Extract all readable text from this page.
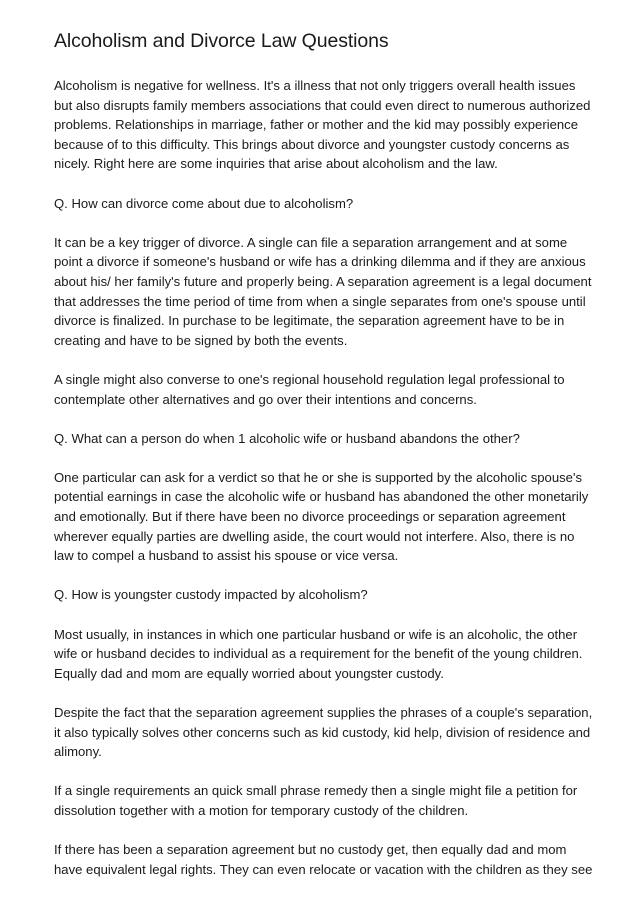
Alcoholism and Divorce Law Questions

Alcoholism is negative for wellness. It's a illness that not only triggers overall health issues
but also disrupts family members associations that could even direct to numerous authorized
problems. Relationships in marriage, father or mother and the kid may possibly experience
because of to this difficulty. This brings about divorce and youngster custody concerns as
nicely. Right here are some inquiries that arise about alcoholism and the law.

Q. How can divorce come about due to alcoholism?

It can be a key trigger of divorce. A single can file a separation arrangement and at some
point a divorce if someone's husband or wife has a drinking dilemma and if they are anxious
about his/ her family's future and properly being. A separation agreement is a legal document
that addresses the time period of time from when a single separates from one's spouse until
divorce is finalized. In purchase to be legitimate, the separation agreement have to be in
creating and have to be signed by both the events.

A single might also converse to one's regional household regulation legal professional to
contemplate other alternatives and go over their intentions and concerns.

Q. What can a person do when 1 alcoholic wife or husband abandons the other?

One particular can ask for a verdict so that he or she is supported by the alcoholic spouse's
potential earnings in case the alcoholic wife or husband has abandoned the other monetarily
and emotionally. But if there have been no divorce proceedings or separation agreement
wherever equally parties are dwelling aside, the court would not interfere. Also, there is no
law to compel a husband to assist his spouse or vice versa.

Q. How is youngster custody impacted by alcoholism?

Most usually, in instances in which one particular husband or wife is an alcoholic, the other
wife or husband decides to individual as a requirement for the benefit of the young children.
Equally dad and mom are equally worried about youngster custody.

Despite the fact that the separation agreement supplies the phrases of a couple's separation,
it also typically solves other concerns such as kid custody, kid help, division of residence and
alimony.

If a single requirements an quick small phrase remedy then a single might file a petition for
dissolution together with a motion for temporary custody of the children.

If there has been a separation agreement but no custody get, then equally dad and mom
have equivalent legal rights. They can even relocate or vacation with the children as they see
